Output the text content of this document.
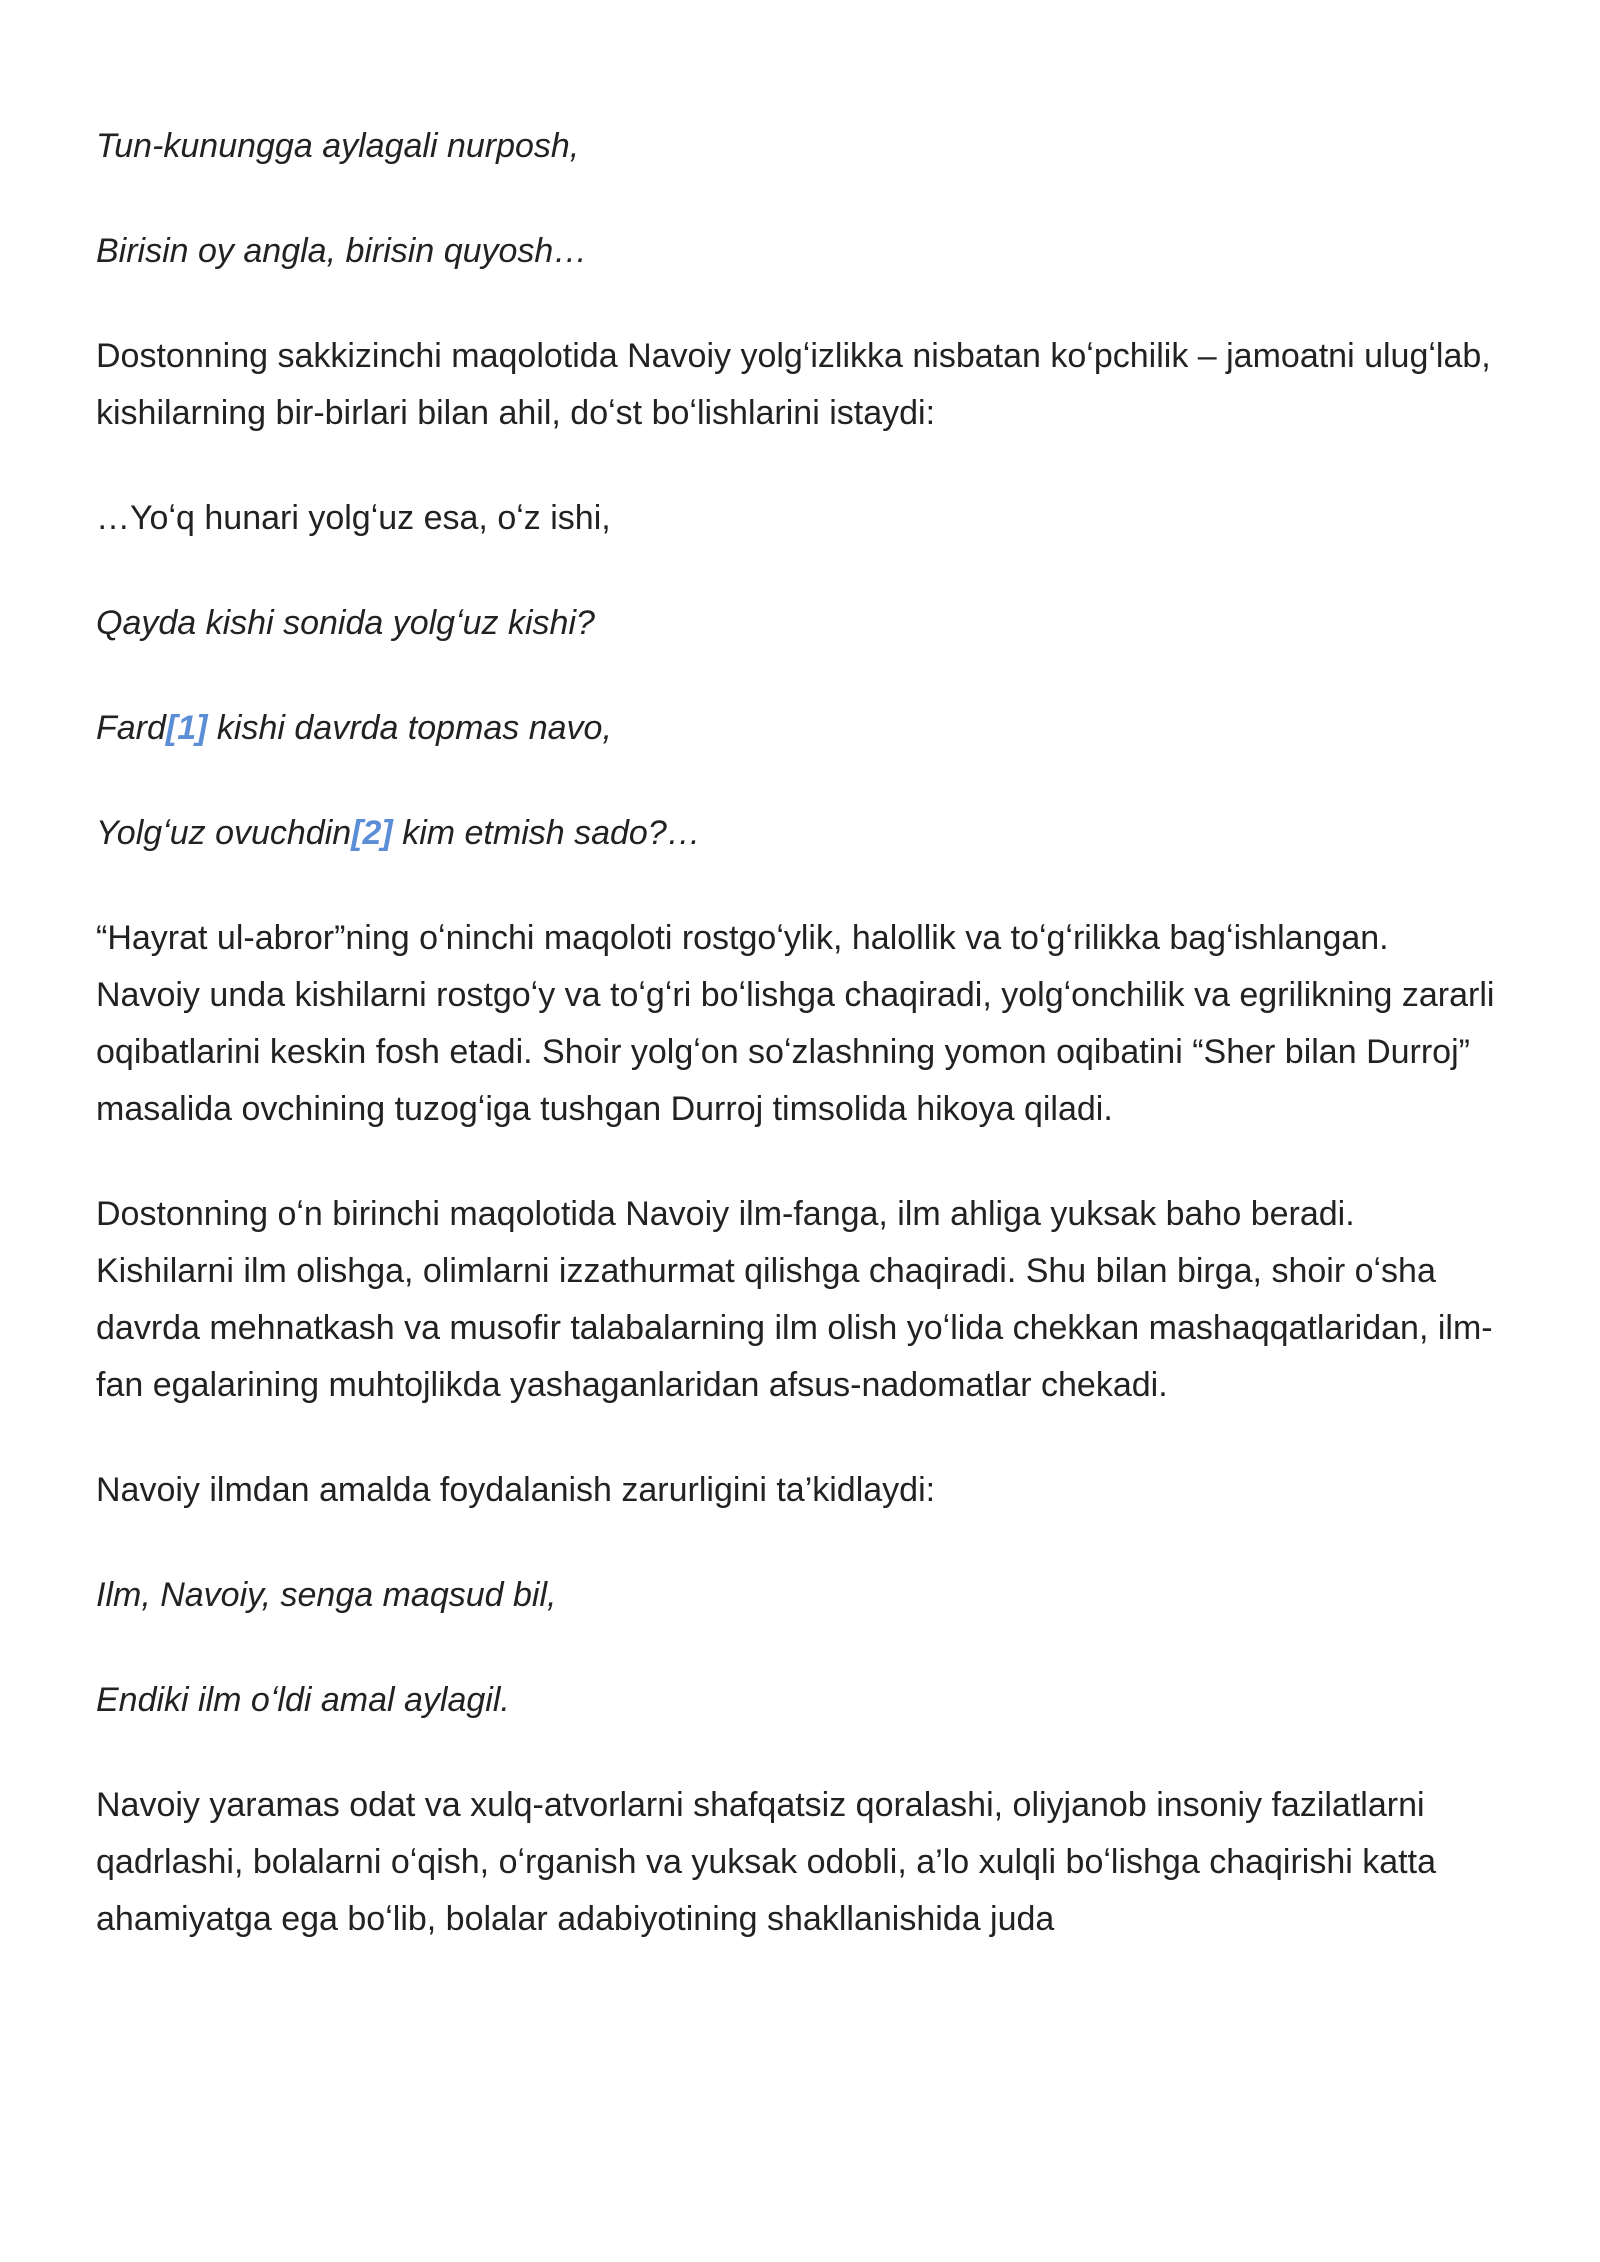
Tun-kunungga aylagali nurposh,

Birisin oy angla, birisin quyosh…

Dostonning sakkizinchi maqolotida Navoiy yolgʻizlikka nisbatan koʻpchilik – jamoatni ulugʻlab, kishilarning bir-birlari bilan ahil, doʻst boʻlishlarini istaydi:

…Yoʻq hunari yolgʻuz esa, oʻz ishi,

Qayda kishi sonida yolgʻuz kishi?

Fard[1] kishi davrda topmas navo,

Yolgʻuz ovuchdin[2] kim etmish sado?…

“Hayrat ul-abror”ning oʻninchi maqoloti rostgoʻylik, halollik va toʻgʻrilikka bagʻishlangan. Navoiy unda kishilarni rostgoʻy va toʻgʻri boʻlishga chaqiradi, yolgʻonchilik va egrilikning zararli oqibatlarini keskin fosh etadi. Shoir yolgʻon soʻzlashning yomon oqibatini “Sher bilan Durroj” masalida ovchining tuzogʻiga tushgan Durroj timsolida hikoya qiladi.

Dostonning oʻn birinchi maqolotida Navoiy ilm-fanga, ilm ahliga yuksak baho beradi. Kishilarni ilm olishga, olimlarni izzathurmat qilishga chaqiradi. Shu bilan birga, shoir oʻsha davrda mehnatkash va musofir talabalarning ilm olish yoʻlida chekkan mashaqqatlaridan, ilm-fan egalarining muhtojlikda yashaganlaridan afsus-nadomatlar chekadi.

Navoiy ilmdan amalda foydalanish zarurligini ta’kidlaydi:

Ilm, Navoiy, senga maqsud bil,

Endiki ilm oʻldi amal aylagil.

Navoiy yaramas odat va xulq-atvorlarni shafqatsiz qoralashi, oliyjanob insoniy fazilatlarni qadrlashi, bolalarni oʻqish, oʻrganish va yuksak odobli, a’lo xulqli boʻlishga chaqirishi katta ahamiyatga ega boʻlib, bolalar adabiyotining shakllanishida juda
